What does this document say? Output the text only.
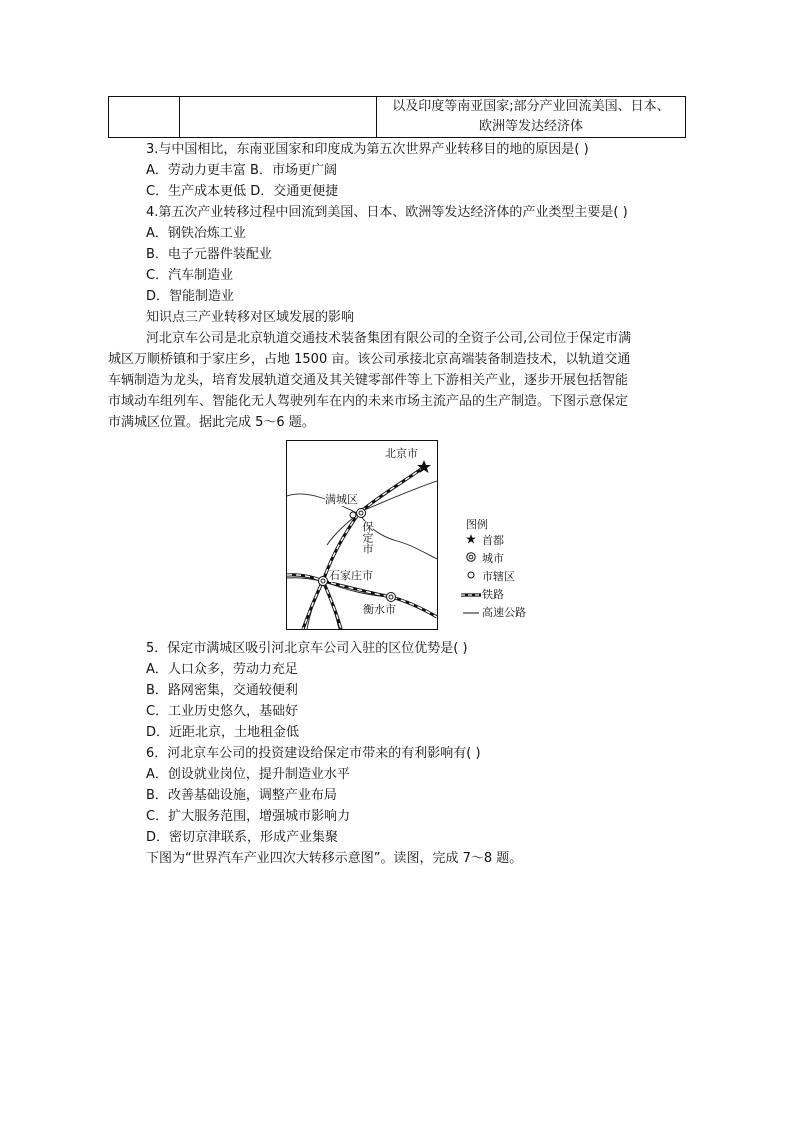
以及印度等南亚国家;部分产业回流美国、日本、
欧洲等发达经济体
3.与中国相比，东南亚国家和印度成为第五次世界产业转移目的地的原因是( )
A．劳动力更丰富 B．市场更广阔
C．生产成本更低 D．交通更便捷
4.第五次产业转移过程中回流到美国、日本、欧洲等发达经济体的产业类型主要是( )
A．钢铁冶炼工业
B．电子元器件装配业
C．汽车制造业
D．智能制造业
知识点三产业转移对区域发展的影响
河北京车公司是北京轨道交通技术装备集团有限公司的全资子公司,公司位于保定市满
城区万顺桥镇和于家庄乡，占地 1500 亩。该公司承接北京高端装备制造技术，以轨道交通
车辆制造为龙头，培育发展轨道交通及其关键零部件等上下游相关产业，逐步开展包括智能
市域动车组列车、智能化无人驾驶列车在内的未来市场主流产品的生产制造。下图示意保定
市满城区位置。据此完成 5～6 题。
北京市
满城区
保定市
石家庄市
衡水市
图例
首都
城市
市辖区
铁路
高速公路
5．保定市满城区吸引河北京车公司入驻的区位优势是( )
A．人口众多，劳动力充足
B．路网密集，交通较便利
C．工业历史悠久，基础好
D．近距北京，土地租金低
6．河北京车公司的投资建设给保定市带来的有利影响有( )
A．创设就业岗位，提升制造业水平
B．改善基础设施，调整产业布局
C．扩大服务范围，增强城市影响力
D．密切京津联系，形成产业集聚
下图为“世界汽车产业四次大转移示意图”。读图，完成 7～8 题。
